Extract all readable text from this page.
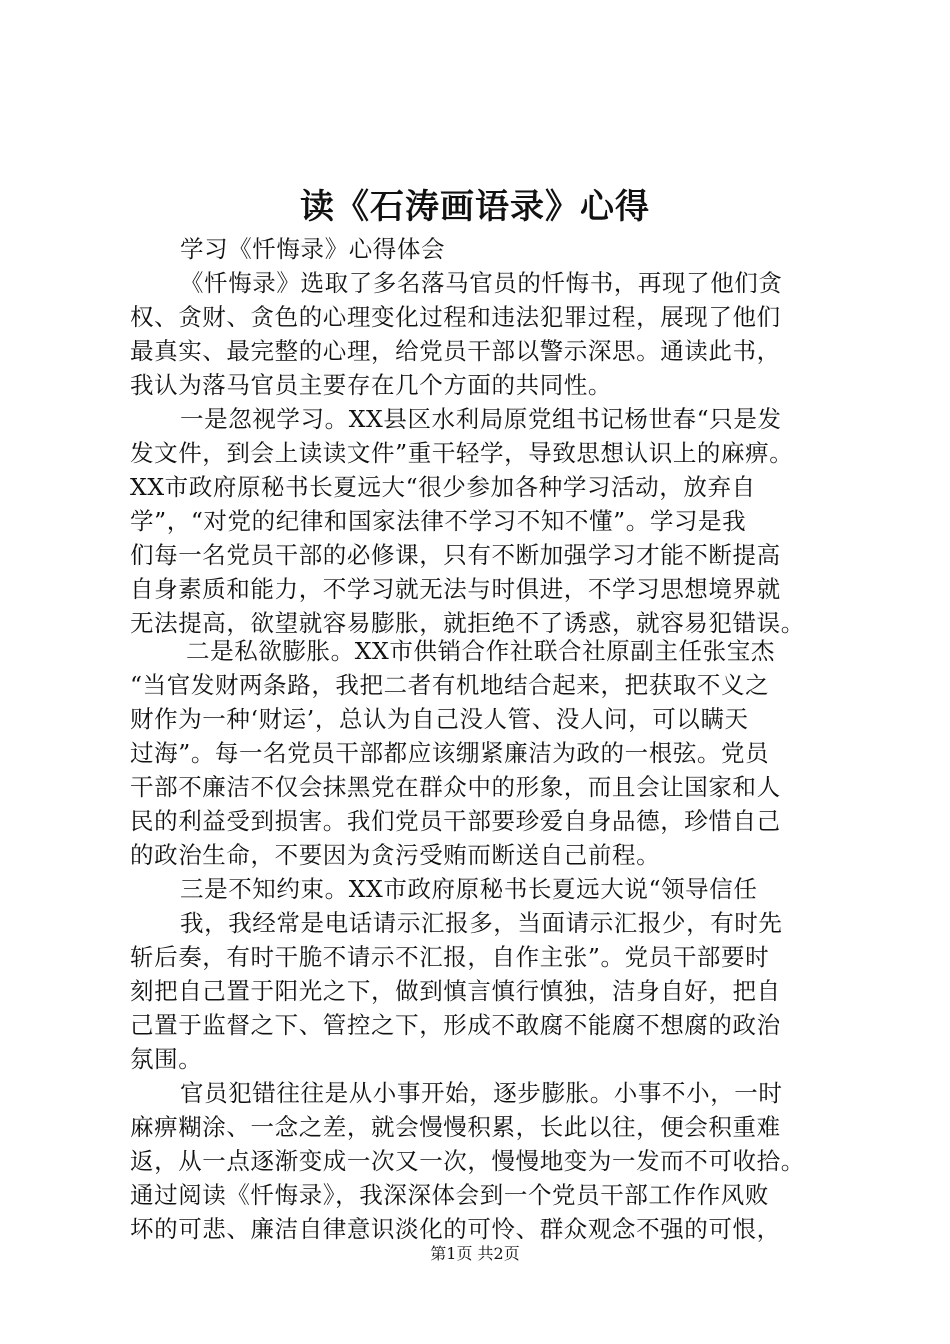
读《石涛画语录》心得
学习《忏悔录》心得体会
《忏悔录》选取了多名落马官员的忏悔书，再现了他们贪
权、贪财、贪色的心理变化过程和违法犯罪过程，展现了他们
最真实、最完整的心理，给党员干部以警示深思。通读此书，
我认为落马官员主要存在几个方面的共同性。
一是忽视学习。XX县区水利局原党组书记杨世春“只是发
发文件，到会上读读文件”重干轻学，导致思想认识上的麻痹。
XX市政府原秘书长夏远大“很少参加各种学习活动，放弃自
学”，“对党的纪律和国家法律不学习不知不懂”。学习是我
们每一名党员干部的必修课，只有不断加强学习才能不断提高
自身素质和能力，不学习就无法与时俱进，不学习思想境界就
无法提高，欲望就容易膨胀，就拒绝不了诱惑，就容易犯错误。
二是私欲膨胀。XX市供销合作社联合社原副主任张宝杰
“当官发财两条路，我把二者有机地结合起来，把获取不义之
财作为一种‘财运’，总认为自己没人管、没人问，可以瞒天
过海”。每一名党员干部都应该绷紧廉洁为政的一根弦。党员
干部不廉洁不仅会抹黑党在群众中的形象，而且会让国家和人
民的利益受到损害。我们党员干部要珍爱自身品德，珍惜自己
的政治生命，不要因为贪污受贿而断送自己前程。
三是不知约束。XX市政府原秘书长夏远大说“领导信任
我，我经常是电话请示汇报多，当面请示汇报少，有时先
斩后奏，有时干脆不请示不汇报，自作主张”。党员干部要时
刻把自己置于阳光之下，做到慎言慎行慎独，洁身自好，把自
己置于监督之下、管控之下，形成不敢腐不能腐不想腐的政治
氛围。
官员犯错往往是从小事开始，逐步膨胀。小事不小，一时
麻痹糊涂、一念之差，就会慢慢积累，长此以往，便会积重难
返，从一点逐渐变成一次又一次，慢慢地变为一发而不可收拾。
通过阅读《忏悔录》，我深深体会到一个党员干部工作作风败
坏的可悲、廉洁自律意识淡化的可怜、群众观念不强的可恨，
第1页 共2页
